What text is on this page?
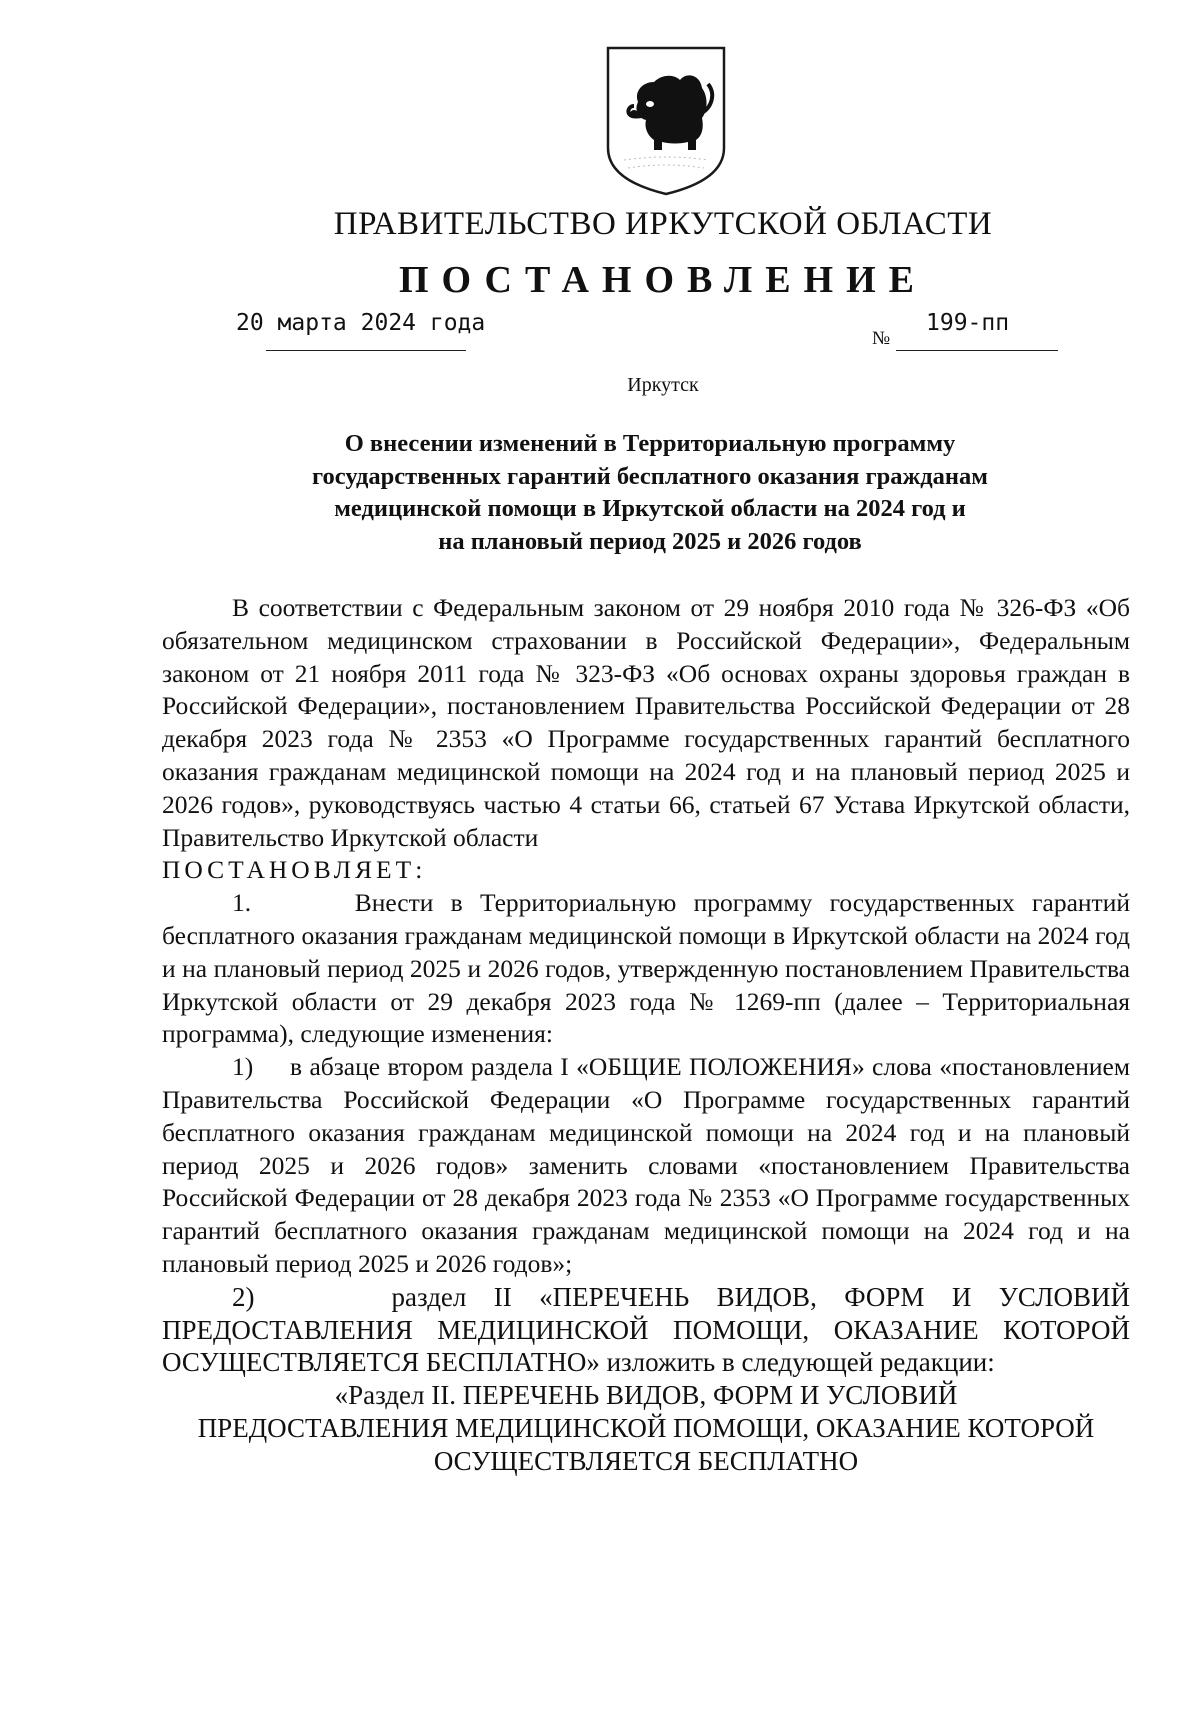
ПРАВИТЕЛЬСТВО ИРКУТСКОЙ ОБЛАСТИ
ПОСТАНОВЛЕНИЕ
20 марта 2024 года
№
199-пп
Иркутск
О внесении изменений в Территориальную программу
государственных гарантий бесплатного оказания гражданам
медицинской помощи в Иркутской области на 2024 год и
на плановый период 2025 и 2026 годов

В соответствии с Федеральным законом от 29 ноября 2010 года № 326-ФЗ «Об обязательном медицинском страховании в Российской Федерации», Федеральным законом от 21 ноября 2011 года № 323-ФЗ «Об основах охраны здоровья граждан в Российской Федерации», постановлением Правительства Российской Федерации от 28 декабря 2023 года № 2353 «О Программе государственных гарантий бесплатного оказания гражданам медицинской помощи на 2024 год и на плановый период 2025 и 2026 годов», руководствуясь частью 4 статьи 66, статьей 67 Устава Иркутской области, Правительство Иркутской области

ПОСТАНОВЛЯЕТ:

1.      Внести в Территориальную программу государственных гарантий бесплатного оказания гражданам медицинской помощи в Иркутской области на 2024 год и на плановый период 2025 и 2026 годов, утвержденную постановлением Правительства Иркутской области от 29 декабря 2023 года № 1269-пп (далее – Территориальная программа), следующие изменения:

1)     в абзаце втором раздела I «ОБЩИЕ ПОЛОЖЕНИЯ» слова «постановлением Правительства Российской Федерации «О Программе государственных гарантий бесплатного оказания гражданам медицинской помощи на 2024 год и на плановый период 2025 и 2026 годов» заменить словами «постановлением Правительства Российской Федерации от 28 декабря 2023 года № 2353 «О Программе государственных гарантий бесплатного оказания гражданам медицинской помощи на 2024 год и на плановый период 2025 и 2026 годов»;

2)     раздел II «ПЕРЕЧЕНЬ ВИДОВ, ФОРМ И УСЛОВИЙ ПРЕДОСТАВЛЕНИЯ МЕДИЦИНСКОЙ ПОМОЩИ, ОКАЗАНИЕ КОТОРОЙ ОСУЩЕСТВЛЯЕТСЯ БЕСПЛАТНО» изложить в следующей редакции:

«Раздел II. ПЕРЕЧЕНЬ ВИДОВ, ФОРМ И УСЛОВИЙ

ПРЕДОСТАВЛЕНИЯ МЕДИЦИНСКОЙ ПОМОЩИ, ОКАЗАНИЕ КОТОРОЙ

ОСУЩЕСТВЛЯЕТСЯ БЕСПЛАТНО
